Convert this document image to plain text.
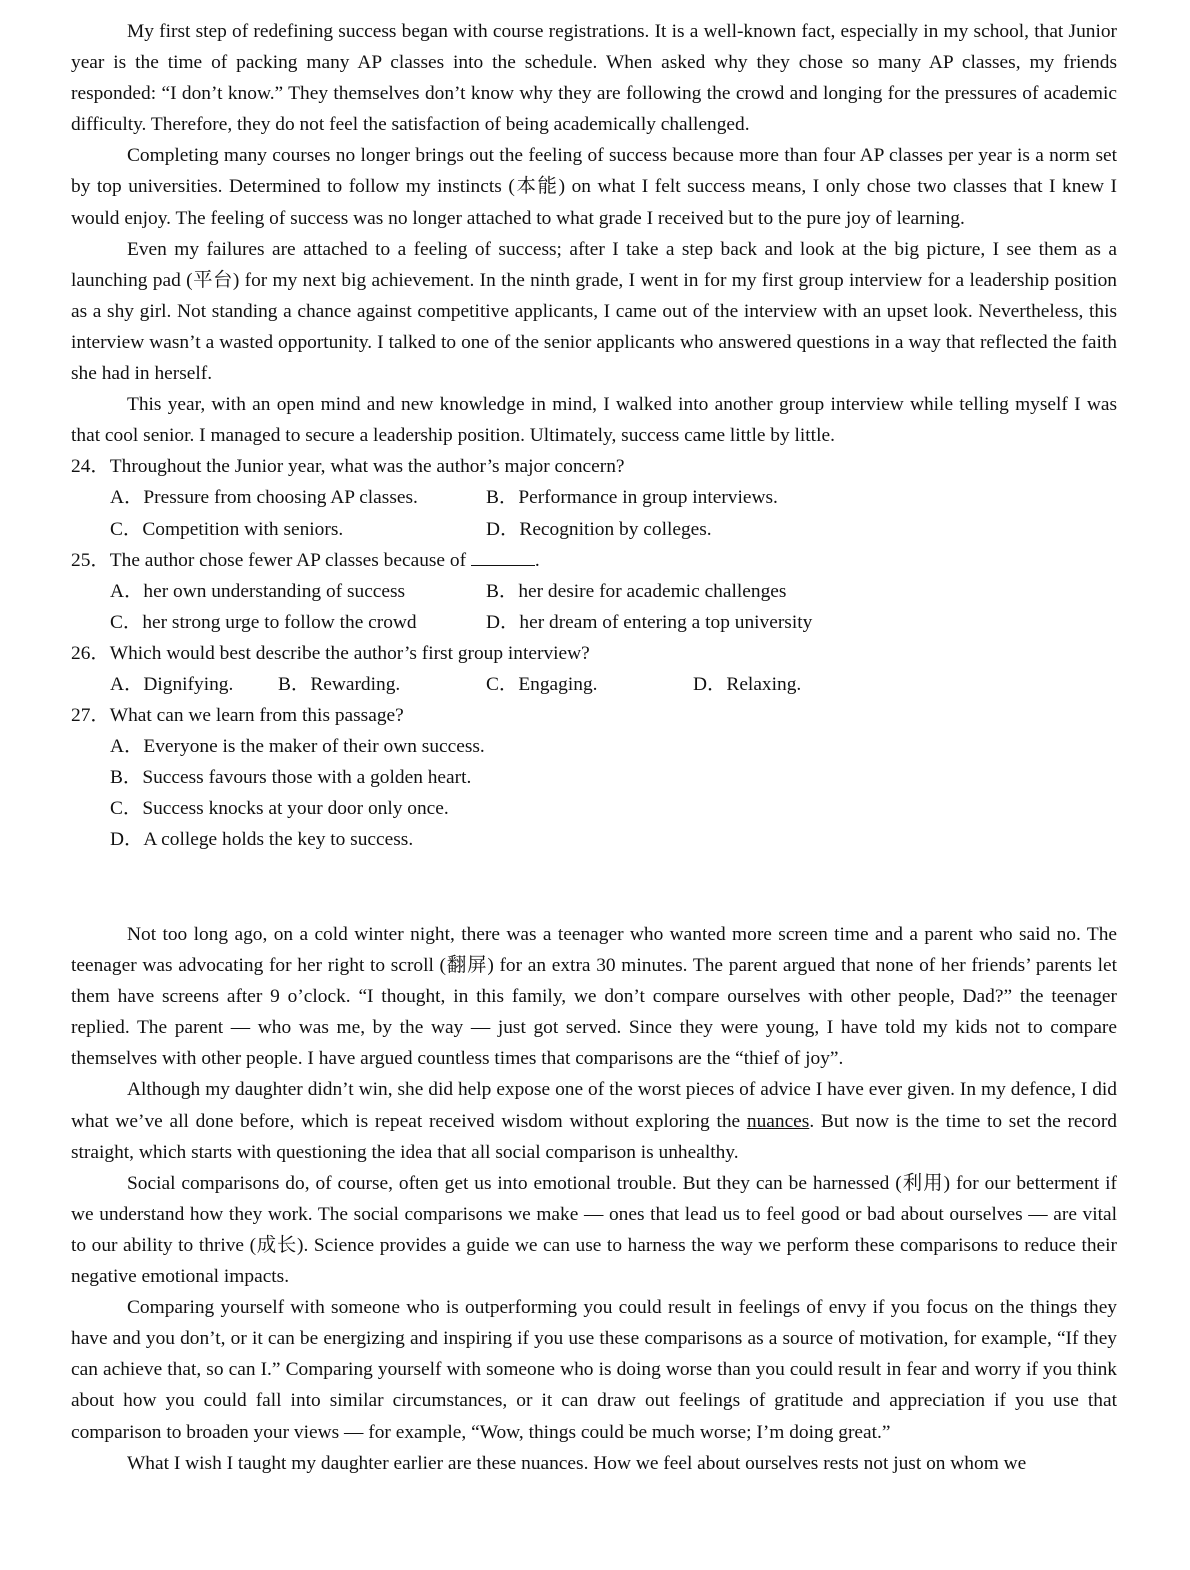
My first step of redefining success began with course registrations. It is a well-known fact, especially in my school, that Junior year is the time of packing many AP classes into the schedule. When asked why they chose so many AP classes, my friends responded: “I don’t know.” They themselves don’t know why they are following the crowd and longing for the pressures of academic difficulty. Therefore, they do not feel the satisfaction of being academically challenged.

Completing many courses no longer brings out the feeling of success because more than four AP classes per year is a norm set by top universities. Determined to follow my instincts (本能) on what I felt success means, I only chose two classes that I knew I would enjoy. The feeling of success was no longer attached to what grade I received but to the pure joy of learning.

Even my failures are attached to a feeling of success; after I take a step back and look at the big picture, I see them as a launching pad (平台) for my next big achievement. In the ninth grade, I went in for my first group interview for a leadership position as a shy girl. Not standing a chance against competitive applicants, I came out of the interview with an upset look. Nevertheless, this interview wasn’t a wasted opportunity. I talked to one of the senior applicants who answered questions in a way that reflected the faith she had in herself.

This year, with an open mind and new knowledge in mind, I walked into another group interview while telling myself I was that cool senior. I managed to secure a leadership position. Ultimately, success came little by little.

24．Throughout the Junior year, what was the author’s major concern?
A．Pressure from choosing AP classes.	B．Performance in group interviews.
C．Competition with seniors.	D．Recognition by colleges.
25．The author chose fewer AP classes because of	.
A．her own understanding of success	B．her desire for academic challenges
C．her strong urge to follow the crowd	D．her dream of entering a top university
26．Which would best describe the author’s first group interview?
A．Dignifying. B．Rewarding.	C．Engaging.	D．Relaxing.
27．What can we learn from this passage?
A．Everyone is the maker of their own success.
B．Success favours those with a golden heart.
C．Success knocks at your door only once.
D．A college holds the key to success.

Not too long ago, on a cold winter night, there was a teenager who wanted more screen time and a parent who said no. The teenager was advocating for her right to scroll (翻屏) for an extra 30 minutes. The parent argued that none of her friends’ parents let them have screens after 9 o’clock. “I thought, in this family, we don’t compare ourselves with other people, Dad?” the teenager replied. The parent — who was me, by the way — just got served. Since they were young, I have told my kids not to compare themselves with other people. I have argued countless times that comparisons are the “thief of joy”.

Although my daughter didn’t win, she did help expose one of the worst pieces of advice I have ever given. In my defence, I did what we’ve all done before, which is repeat received wisdom without exploring the nuances. But now is the time to set the record straight, which starts with questioning the idea that all social comparison is unhealthy.

Social comparisons do, of course, often get us into emotional trouble. But they can be harnessed (利用) for our betterment if we understand how they work. The social comparisons we make — ones that lead us to feel good or bad about ourselves — are vital to our ability to thrive (成长). Science provides a guide we can use to harness the way we perform these comparisons to reduce their negative emotional impacts.

Comparing yourself with someone who is outperforming you could result in feelings of envy if you focus on the things they have and you don’t, or it can be energizing and inspiring if you use these comparisons as a source of motivation, for example, “If they can achieve that, so can I.” Comparing yourself with someone who is doing worse than you could result in fear and worry if you think about how you could fall into similar circumstances, or it can draw out feelings of gratitude and appreciation if you use that comparison to broaden your views — for example, “Wow, things could be much worse; I’m doing great.”

What I wish I taught my daughter earlier are these nuances. How we feel about ourselves rests not just on whom we
